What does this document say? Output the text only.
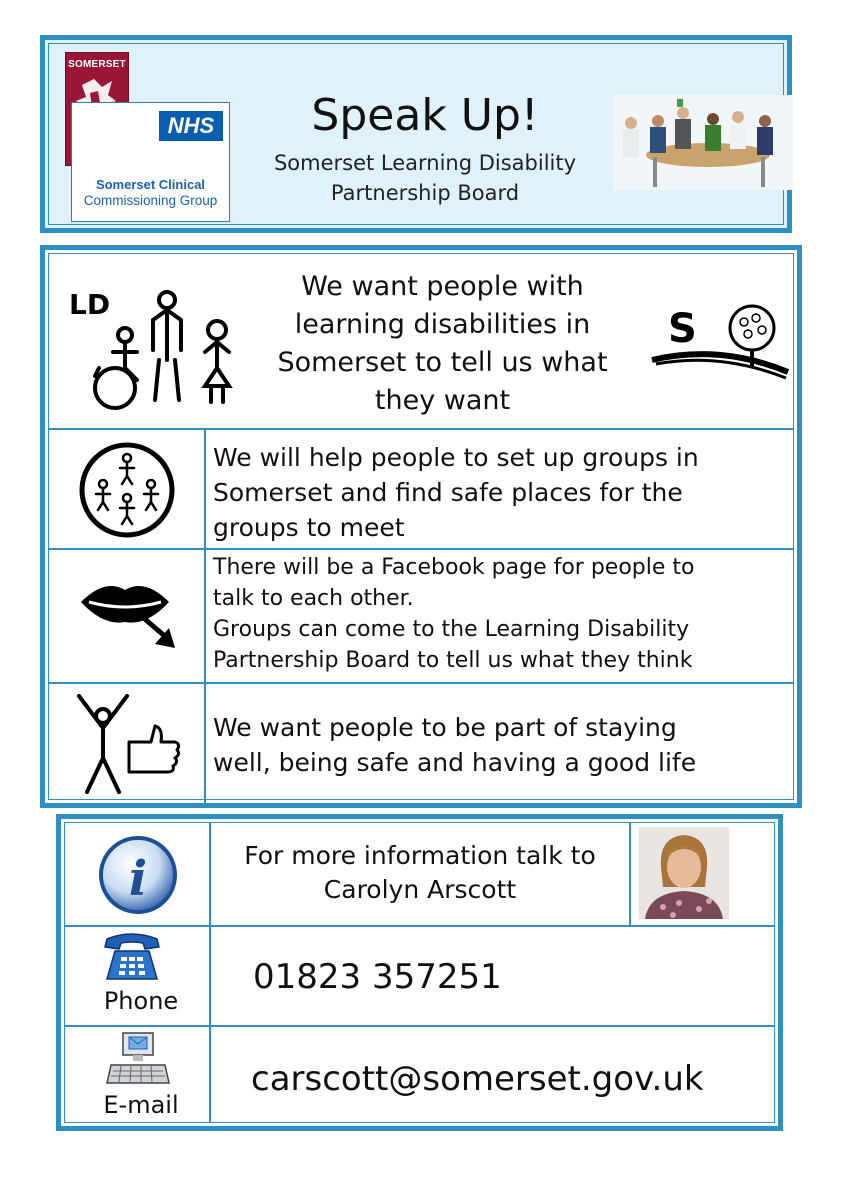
SOMERSET
NHS
Somerset Clinical
Commissioning Group
Speak Up!
Somerset Learning Disability
Partnership Board
LD
We want people with
learning disabilities in
Somerset to tell us what
they want
S
We will help people to set up groups in
Somerset and find safe places for the
groups to meet
There will be a Facebook page for people to
talk to each other.
Groups can come to the Learning Disability
Partnership Board to tell us what they think
We want people to be part of staying
well, being safe and having a good life
i	For more information talk to
Carolyn Arscott
Phone
01823 357251
E-mail
carscott@somerset.gov.uk
